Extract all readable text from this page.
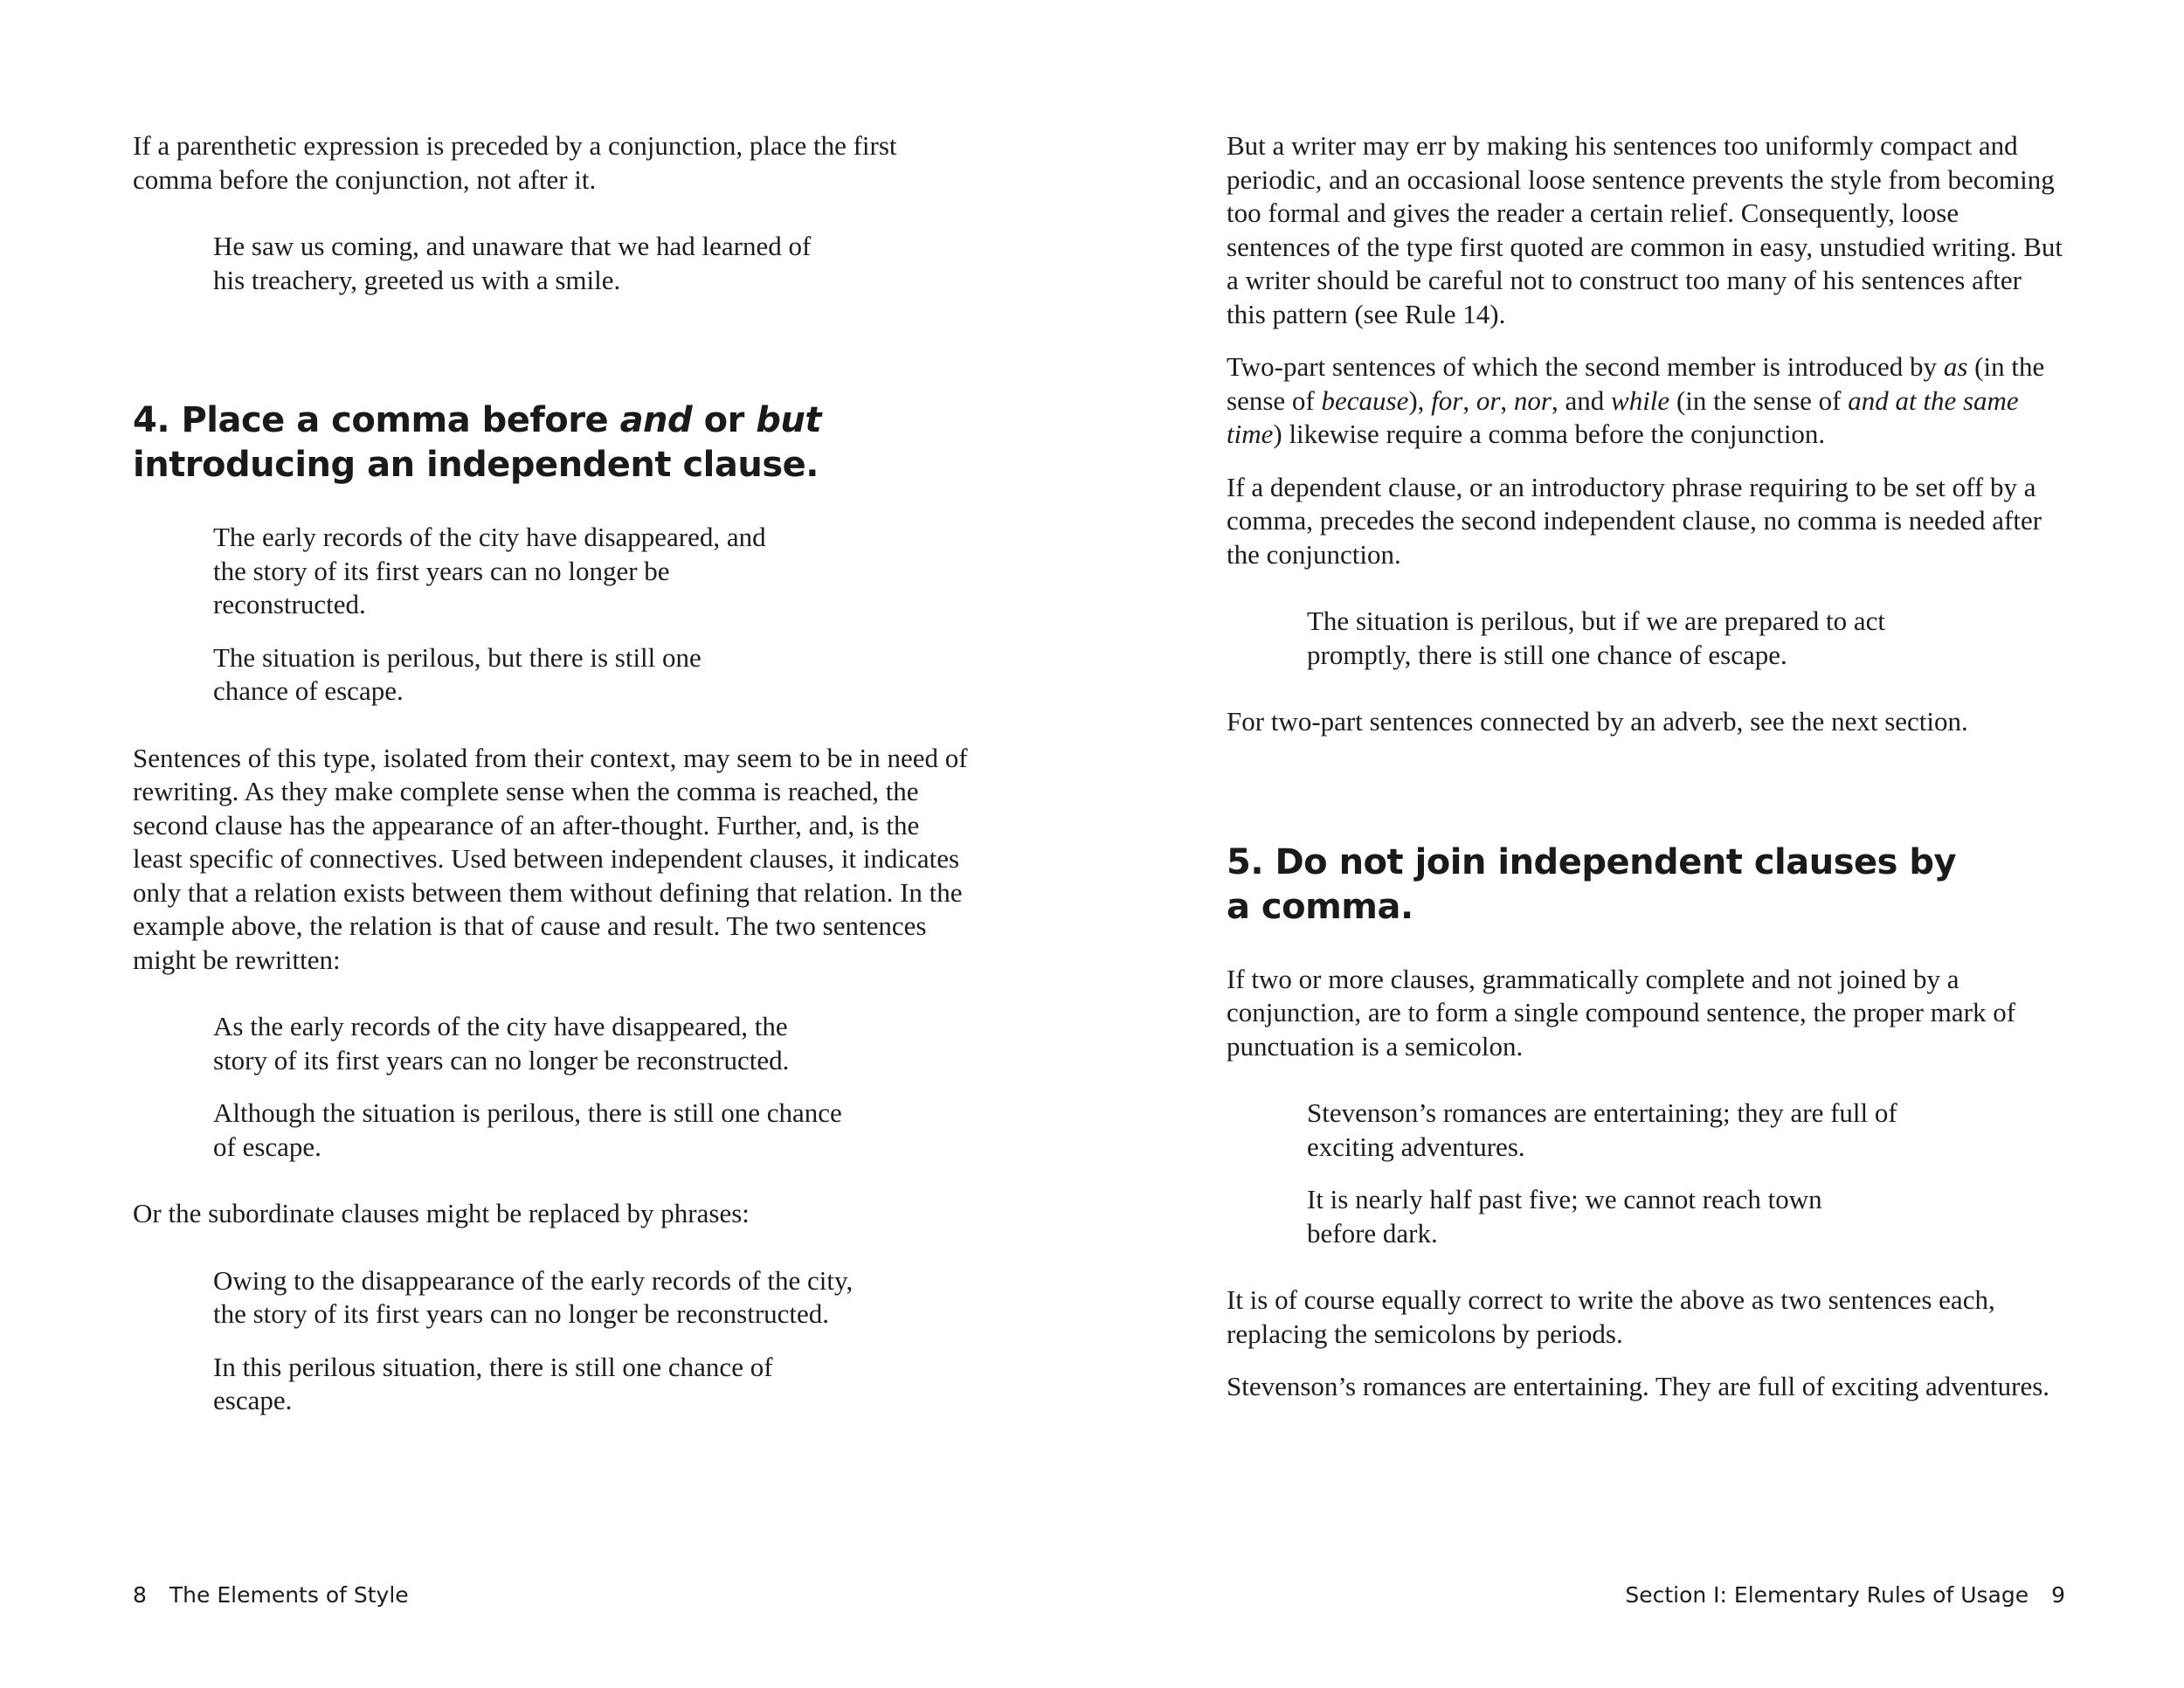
If a parenthetic expression is preceded by a conjunction, place the first comma before the conjunction, not after it.

He saw us coming, and unaware that we had learned of his treachery, greeted us with a smile.

4. Place a comma before and or but
introducing an independent clause.

The early records of the city have disappeared, and the story of its first years can no longer be reconstructed.

The situation is perilous, but there is still one chance of escape.

Sentences of this type, isolated from their context, may seem to be in need of rewriting. As they make complete sense when the comma is reached, the second clause has the appearance of an after-thought. Further, and, is the least specific of connectives. Used between independent clauses, it indicates only that a relation exists between them without defining that relation. In the example above, the relation is that of cause and result. The two sentences might be rewritten:

As the early records of the city have disappeared, the story of its first years can no longer be reconstructed.

Although the situation is perilous, there is still one chance of escape.

Or the subordinate clauses might be replaced by phrases:

Owing to the disappearance of the early records of the city, the story of its first years can no longer be reconstructed.

In this perilous situation, there is still one chance of escape.

8 The Elements of Style

But a writer may err by making his sentences too uniformly compact and periodic, and an occasional loose sentence prevents the style from becoming too formal and gives the reader a certain relief. Consequently, loose sentences of the type first quoted are common in easy, unstudied writing. But a writer should be careful not to construct too many of his sentences after this pattern (see Rule 14).

Two-part sentences of which the second member is introduced by as (in the sense of because), for, or, nor, and while (in the sense of and at the same time) likewise require a comma before the conjunction.

If a dependent clause, or an introductory phrase requiring to be set off by a comma, precedes the second independent clause, no comma is needed after the conjunction.

The situation is perilous, but if we are prepared to act promptly, there is still one chance of escape.

For two-part sentences connected by an adverb, see the next section.

5. Do not join independent clauses by a comma.

If two or more clauses, grammatically complete and not joined by a conjunction, are to form a single compound sentence, the proper mark of punctuation is a semicolon.

Stevenson’s romances are entertaining; they are full of exciting adventures.

It is nearly half past five; we cannot reach town before dark.

It is of course equally correct to write the above as two sentences each, replacing the semicolons by periods.

Stevenson’s romances are entertaining. They are full of exciting adventures.

Section I: Elementary Rules of Usage 9
